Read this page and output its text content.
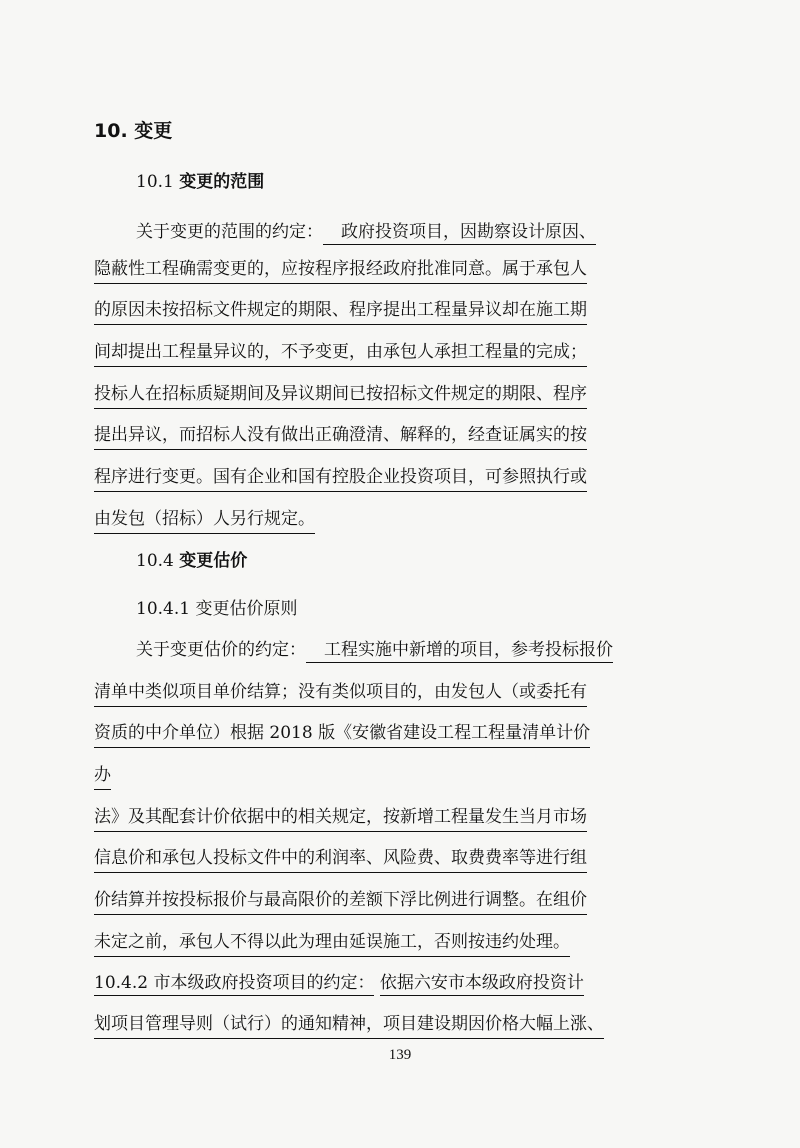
10. 变更
10.1 变更的范围
关于变更的范围的约定： 政府投资项目，因勘察设计原因、
隐蔽性工程确需变更的，应按程序报经政府批准同意。属于承包人
的原因未按招标文件规定的期限、程序提出工程量异议却在施工期
间却提出工程量异议的，不予变更，由承包人承担工程量的完成；
投标人在招标质疑期间及异议期间已按招标文件规定的期限、程序
提出异议，而招标人没有做出正确澄清、解释的，经查证属实的按
程序进行变更。国有企业和国有控股企业投资项目，可参照执行或
由发包（招标）人另行规定。
10.4 变更估价
10.4.1 变更估价原则
关于变更估价的约定： 工程实施中新增的项目，参考投标报价
清单中类似项目单价结算；没有类似项目的，由发包人（或委托有
资质的中介单位）根据 2018 版《安徽省建设工程工程量清单计价
办
法》及其配套计价依据中的相关规定，按新增工程量发生当月市场
信息价和承包人投标文件中的利润率、风险费、取费费率等进行组
价结算并按投标报价与最高限价的差额下浮比例进行调整。在组价
未定之前，承包人不得以此为理由延误施工，否则按违约处理。
10.4.2 市本级政府投资项目的约定： 依据六安市本级政府投资计
划项目管理导则（试行）的通知精神，项目建设期因价格大幅上涨、
139
